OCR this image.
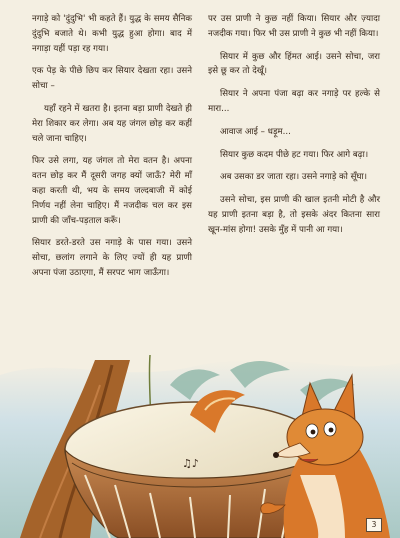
नगाड़े को 'दुंदुभि' भी कहते हैं। युद्ध के समय सैनिक दुंदुभि बजाते थे। कभी युद्ध हुआ होगा। बाद में नगाड़ा यहीं पड़ा रह गया।

एक पेड़ के पीछे छिप कर सियार देखता रहा। उसने सोचा –

यहाँ रहने में खतरा है। इतना बड़ा प्राणी देखते ही मेरा शिकार कर लेगा। अब यह जंगल छोड़ कर कहीं चले जाना चाहिए।

फिर उसे लगा, यह जंगल तो मेरा वतन है। अपना वतन छोड़ कर मैं दूसरी जगह क्यों जाऊँ? मेरी माँ कहा करती थी, भय के समय जल्दबाजी में कोई निर्णय नहीं लेना चाहिए। मैं नजदीक चल कर इस प्राणी की जाँच-पड़ताल करूँ।

सियार डरते-डरते उस नगाड़े के पास गया। उसने सोचा, छलांग लगाने के लिए ज्यों ही यह प्राणी अपना पंजा उठाएगा, मैं सरपट भाग जाऊँगा।

पर उस प्राणी ने कुछ नहीं किया। सियार और ज़्यादा नजदीक गया। फिर भी उस प्राणी ने कुछ भी नहीं किया।

सियार में कुछ और हिंमत आई। उसने सोचा, जरा इसे छू कर तो देखूँ।

सियार ने अपना पंजा बढ़ा कर नगाड़े पर हल्के से मारा...

आवाज आई – धड़ूम...

सियार कुछ कदम पीछे हट गया। फिर आगे बढ़ा।

अब उसका डर जाता रहा। उसने नगाड़े को सूँघा।

उसने सोचा, इस प्राणी की खाल इतनी मोटी है और यह प्राणी इतना बड़ा है, तो इसके अंदर कितना सारा खून-मांस होगा! उसके मुँह में पानी आ गया।

♫♪
3
